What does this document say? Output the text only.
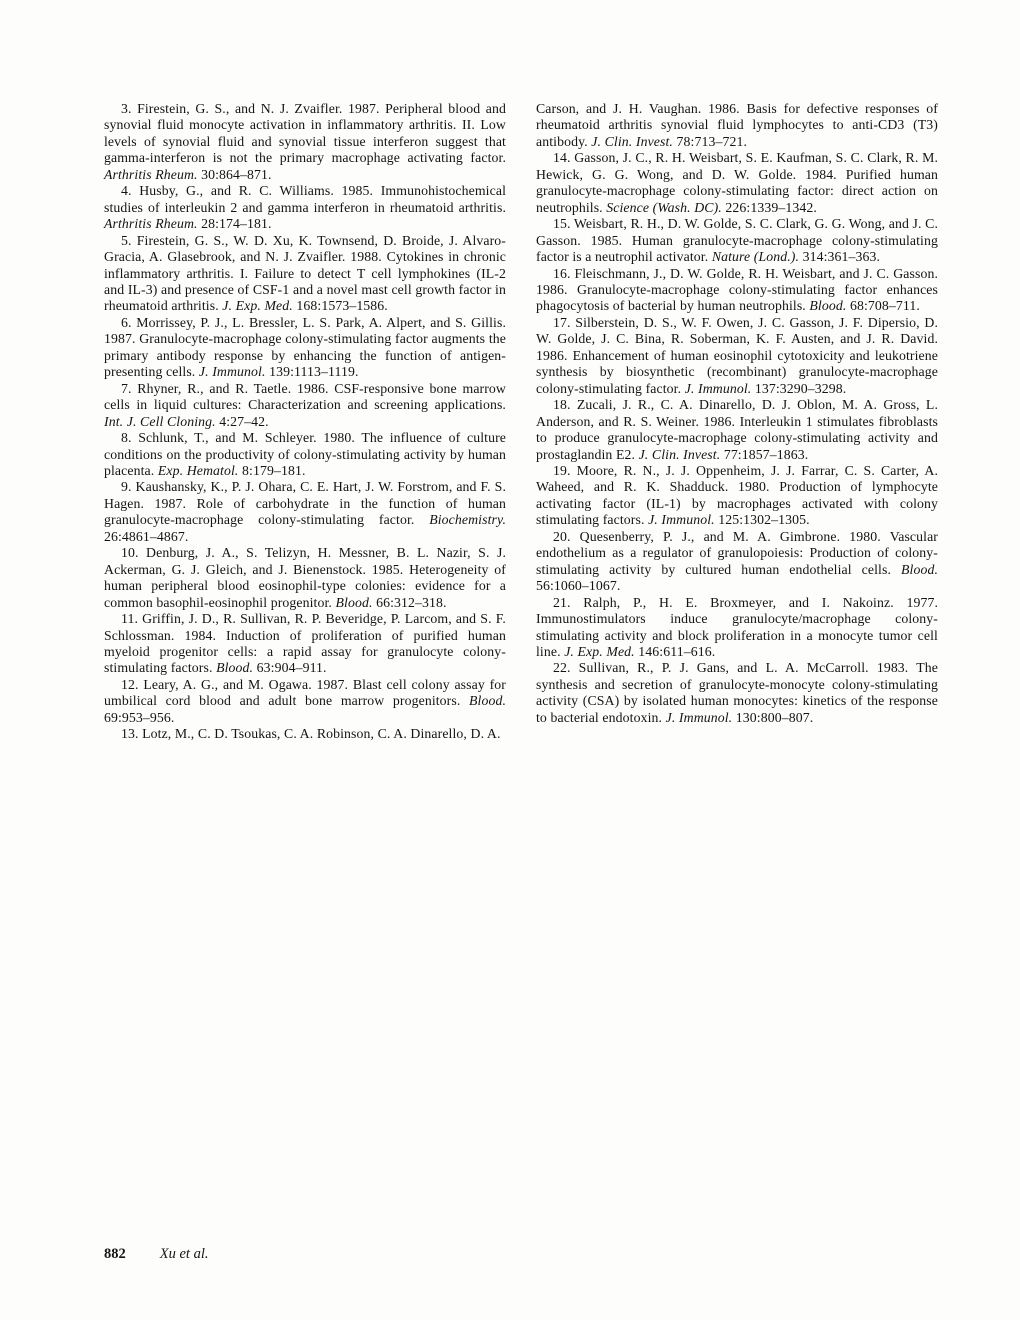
3. Firestein, G. S., and N. J. Zvaifler. 1987. Peripheral blood and synovial fluid monocyte activation in inflammatory arthritis. II. Low levels of synovial fluid and synovial tissue interferon suggest that gamma-interferon is not the primary macrophage activating factor. Arthritis Rheum. 30:864–871.

4. Husby, G., and R. C. Williams. 1985. Immunohistochemical studies of interleukin 2 and gamma interferon in rheumatoid arthritis. Arthritis Rheum. 28:174–181.

5. Firestein, G. S., W. D. Xu, K. Townsend, D. Broide, J. Alvaro-Gracia, A. Glasebrook, and N. J. Zvaifler. 1988. Cytokines in chronic inflammatory arthritis. I. Failure to detect T cell lymphokines (IL-2 and IL-3) and presence of CSF-1 and a novel mast cell growth factor in rheumatoid arthritis. J. Exp. Med. 168:1573–1586.

6. Morrissey, P. J., L. Bressler, L. S. Park, A. Alpert, and S. Gillis. 1987. Granulocyte-macrophage colony-stimulating factor augments the primary antibody response by enhancing the function of antigen-presenting cells. J. Immunol. 139:1113–1119.

7. Rhyner, R., and R. Taetle. 1986. CSF-responsive bone marrow cells in liquid cultures: Characterization and screening applications. Int. J. Cell Cloning. 4:27–42.

8. Schlunk, T., and M. Schleyer. 1980. The influence of culture conditions on the productivity of colony-stimulating activity by human placenta. Exp. Hematol. 8:179–181.

9. Kaushansky, K., P. J. Ohara, C. E. Hart, J. W. Forstrom, and F. S. Hagen. 1987. Role of carbohydrate in the function of human granulocyte-macrophage colony-stimulating factor. Biochemistry. 26:4861–4867.

10. Denburg, J. A., S. Telizyn, H. Messner, B. L. Nazir, S. J. Ackerman, G. J. Gleich, and J. Bienenstock. 1985. Heterogeneity of human peripheral blood eosinophil-type colonies: evidence for a common basophil-eosinophil progenitor. Blood. 66:312–318.

11. Griffin, J. D., R. Sullivan, R. P. Beveridge, P. Larcom, and S. F. Schlossman. 1984. Induction of proliferation of purified human myeloid progenitor cells: a rapid assay for granulocyte colony-stimulating factors. Blood. 63:904–911.

12. Leary, A. G., and M. Ogawa. 1987. Blast cell colony assay for umbilical cord blood and adult bone marrow progenitors. Blood. 69:953–956.

13. Lotz, M., C. D. Tsoukas, C. A. Robinson, C. A. Dinarello, D. A.

Carson, and J. H. Vaughan. 1986. Basis for defective responses of rheumatoid arthritis synovial fluid lymphocytes to anti-CD3 (T3) antibody. J. Clin. Invest. 78:713–721.

14. Gasson, J. C., R. H. Weisbart, S. E. Kaufman, S. C. Clark, R. M. Hewick, G. G. Wong, and D. W. Golde. 1984. Purified human granulocyte-macrophage colony-stimulating factor: direct action on neutrophils. Science (Wash. DC). 226:1339–1342.

15. Weisbart, R. H., D. W. Golde, S. C. Clark, G. G. Wong, and J. C. Gasson. 1985. Human granulocyte-macrophage colony-stimulating factor is a neutrophil activator. Nature (Lond.). 314:361–363.

16. Fleischmann, J., D. W. Golde, R. H. Weisbart, and J. C. Gasson. 1986. Granulocyte-macrophage colony-stimulating factor enhances phagocytosis of bacterial by human neutrophils. Blood. 68:708–711.

17. Silberstein, D. S., W. F. Owen, J. C. Gasson, J. F. Dipersio, D. W. Golde, J. C. Bina, R. Soberman, K. F. Austen, and J. R. David. 1986. Enhancement of human eosinophil cytotoxicity and leukotriene synthesis by biosynthetic (recombinant) granulocyte-macrophage colony-stimulating factor. J. Immunol. 137:3290–3298.

18. Zucali, J. R., C. A. Dinarello, D. J. Oblon, M. A. Gross, L. Anderson, and R. S. Weiner. 1986. Interleukin 1 stimulates fibroblasts to produce granulocyte-macrophage colony-stimulating activity and prostaglandin E2. J. Clin. Invest. 77:1857–1863.

19. Moore, R. N., J. J. Oppenheim, J. J. Farrar, C. S. Carter, A. Waheed, and R. K. Shadduck. 1980. Production of lymphocyte activating factor (IL-1) by macrophages activated with colony stimulating factors. J. Immunol. 125:1302–1305.

20. Quesenberry, P. J., and M. A. Gimbrone. 1980. Vascular endothelium as a regulator of granulopoiesis: Production of colony-stimulating activity by cultured human endothelial cells. Blood. 56:1060–1067.

21. Ralph, P., H. E. Broxmeyer, and I. Nakoinz. 1977. Immunostimulators induce granulocyte/macrophage colony-stimulating activity and block proliferation in a monocyte tumor cell line. J. Exp. Med. 146:611–616.

22. Sullivan, R., P. J. Gans, and L. A. McCarroll. 1983. The synthesis and secretion of granulocyte-monocyte colony-stimulating activity (CSA) by isolated human monocytes: kinetics of the response to bacterial endotoxin. J. Immunol. 130:800–807.

882 Xu et al.
